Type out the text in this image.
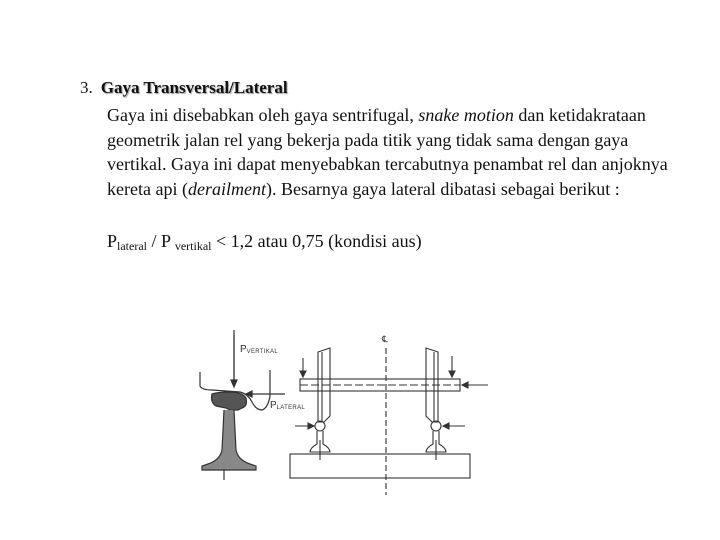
3. Gaya Transversal/Lateral
Gaya ini disebabkan oleh gaya sentrifugal, snake motion dan ketidakrataan geometrik jalan rel yang bekerja pada titik yang tidak sama dengan gaya vertikal. Gaya ini dapat menyebabkan tercabutnya penambat rel dan anjoknya kereta api (derailment). Besarnya gaya lateral dibatasi sebagai berikut :
$P_{lateral}$ / P $_{vertikal}$ < 1,2 atau 0,75 (kondisi aus)
$P_{VERTIKAL}$
$P_{LATERAL}$
℄
